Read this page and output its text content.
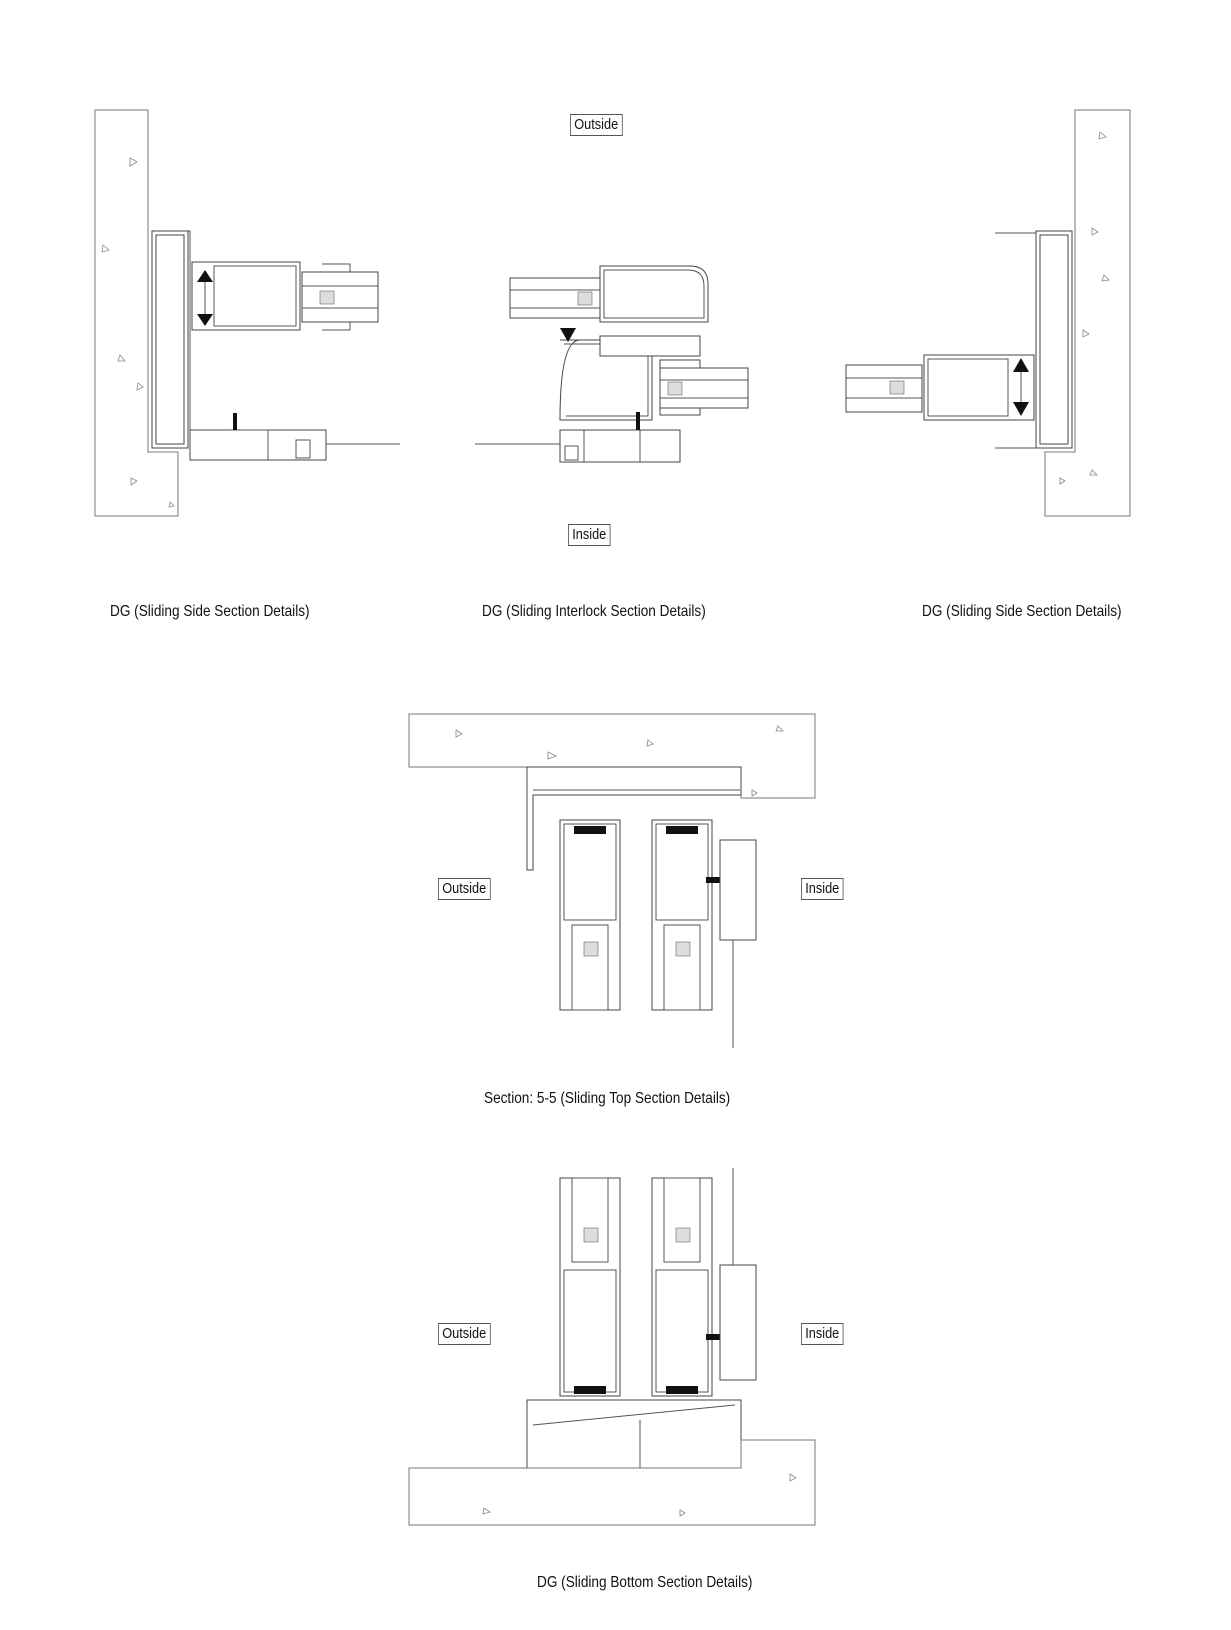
Outside
Inside
Outside	Inside
Outside	Inside
DG (Sliding Side Section Details)	DG (Sliding Interlock Section Details)	DG (Sliding Side Section Details)
Section: 5-5 (Sliding Top Section Details)
DG (Sliding Bottom Section Details)
